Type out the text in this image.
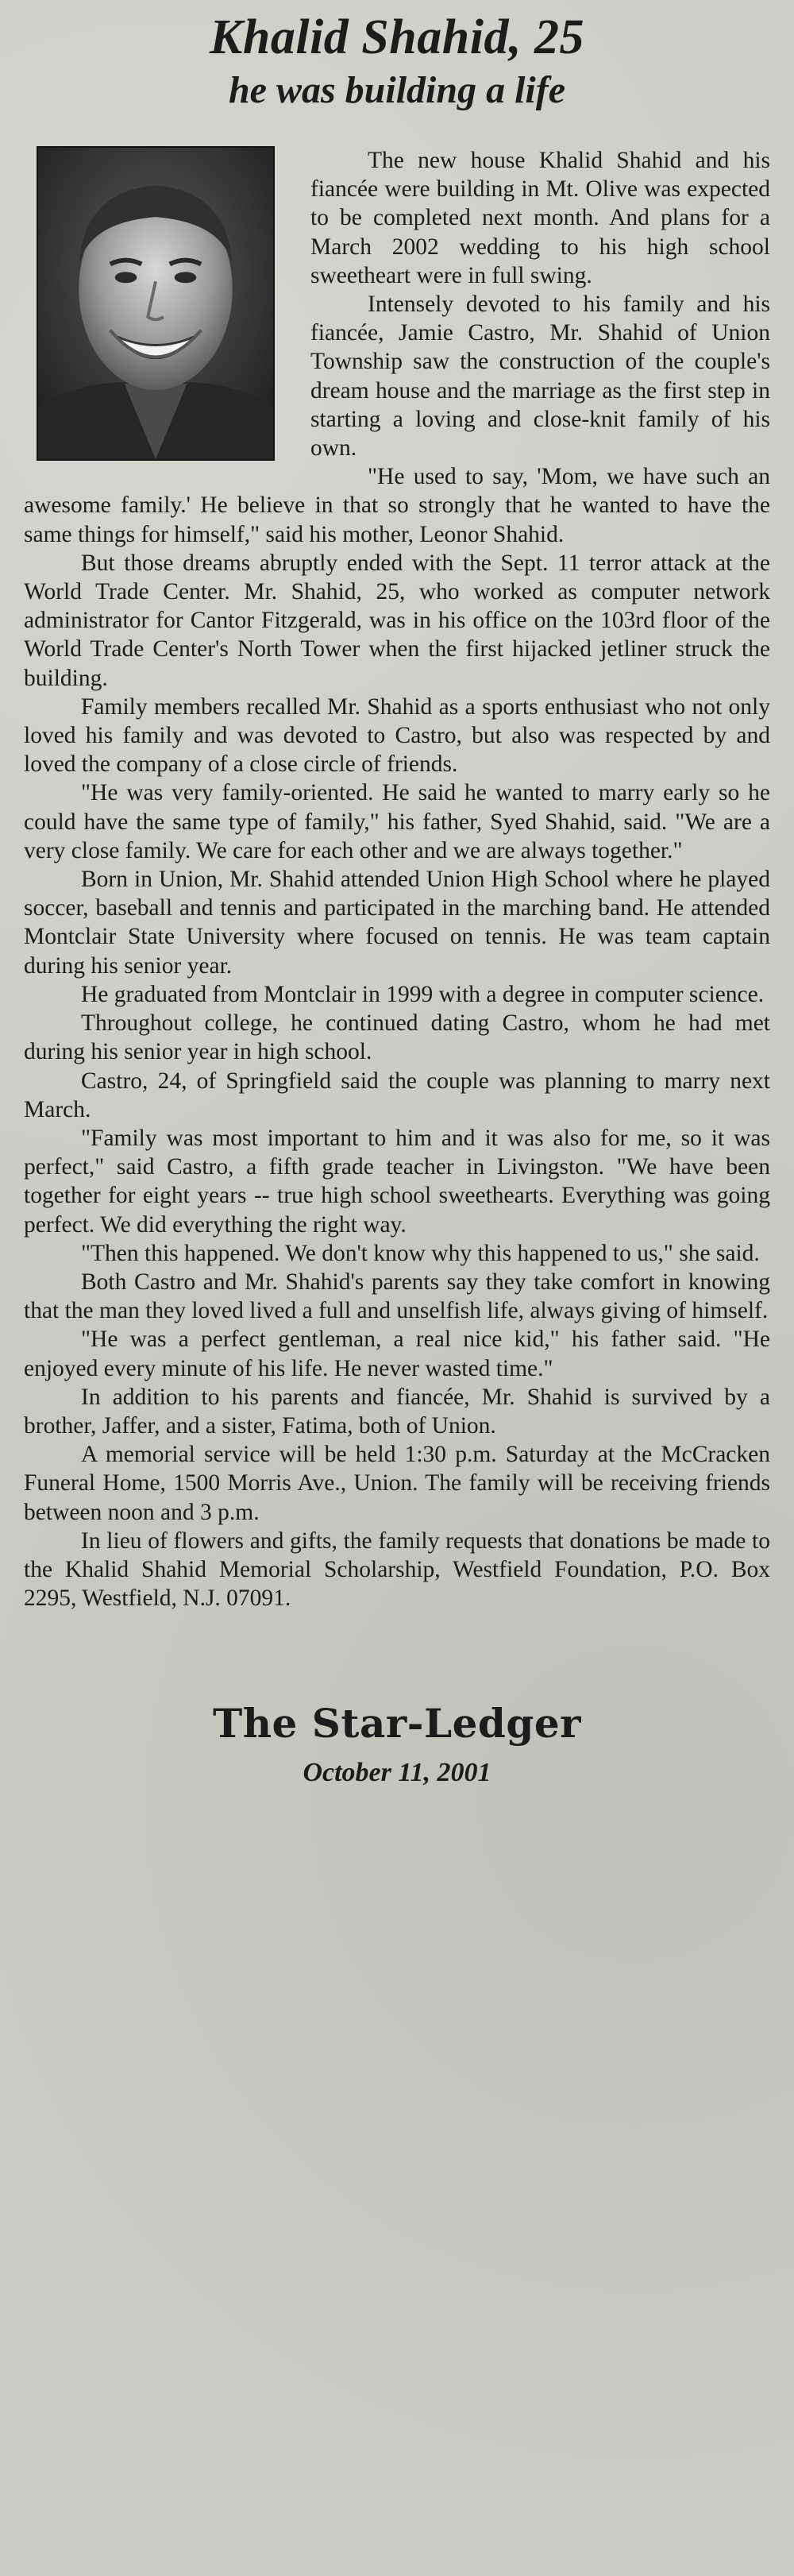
Khalid Shahid, 25
he was building a life

The new house Khalid Shahid and his fiancée were building in Mt. Olive was expected to be completed next month. And plans for a March 2002 wedding to his high school sweetheart were in full swing.

Intensely devoted to his family and his fiancée, Jamie Castro, Mr. Shahid of Union Township saw the construction of the couple's dream house and the marriage as the first step in starting a loving and close-knit family of his own.

"He used to say, 'Mom, we have such an awesome family.' He believe in that so strongly that he wanted to have the same things for himself," said his mother, Leonor Shahid.

But those dreams abruptly ended with the Sept. 11 terror attack at the World Trade Center. Mr. Shahid, 25, who worked as computer network administrator for Cantor Fitzgerald, was in his office on the 103rd floor of the World Trade Center's North Tower when the first hijacked jetliner struck the building.

Family members recalled Mr. Shahid as a sports enthusiast who not only loved his family and was devoted to Castro, but also was respected by and loved the company of a close circle of friends.

"He was very family-oriented. He said he wanted to marry early so he could have the same type of family," his father, Syed Shahid, said. "We are a very close family. We care for each other and we are always together."

Born in Union, Mr. Shahid attended Union High School where he played soccer, baseball and tennis and participated in the marching band. He attended Montclair State University where focused on tennis. He was team captain during his senior year.

He graduated from Montclair in 1999 with a degree in computer science.

Throughout college, he continued dating Castro, whom he had met during his senior year in high school.

Castro, 24, of Springfield said the couple was planning to marry next March.

"Family was most important to him and it was also for me, so it was perfect," said Castro, a fifth grade teacher in Livingston. "We have been together for eight years -- true high school sweethearts. Everything was going perfect. We did everything the right way.

"Then this happened. We don't know why this happened to us," she said.

Both Castro and Mr. Shahid's parents say they take comfort in knowing that the man they loved lived a full and unselfish life, always giving of himself.

"He was a perfect gentleman, a real nice kid," his father said. "He enjoyed every minute of his life. He never wasted time."

In addition to his parents and fiancée, Mr. Shahid is survived by a brother, Jaffer, and a sister, Fatima, both of Union.

A memorial service will be held 1:30 p.m. Saturday at the McCracken Funeral Home, 1500 Morris Ave., Union. The family will be receiving friends between noon and 3 p.m.

In lieu of flowers and gifts, the family requests that donations be made to the Khalid Shahid Memorial Scholarship, Westfield Foundation, P.O. Box 2295, Westfield, N.J. 07091.

The Star-Ledger
October 11, 2001
